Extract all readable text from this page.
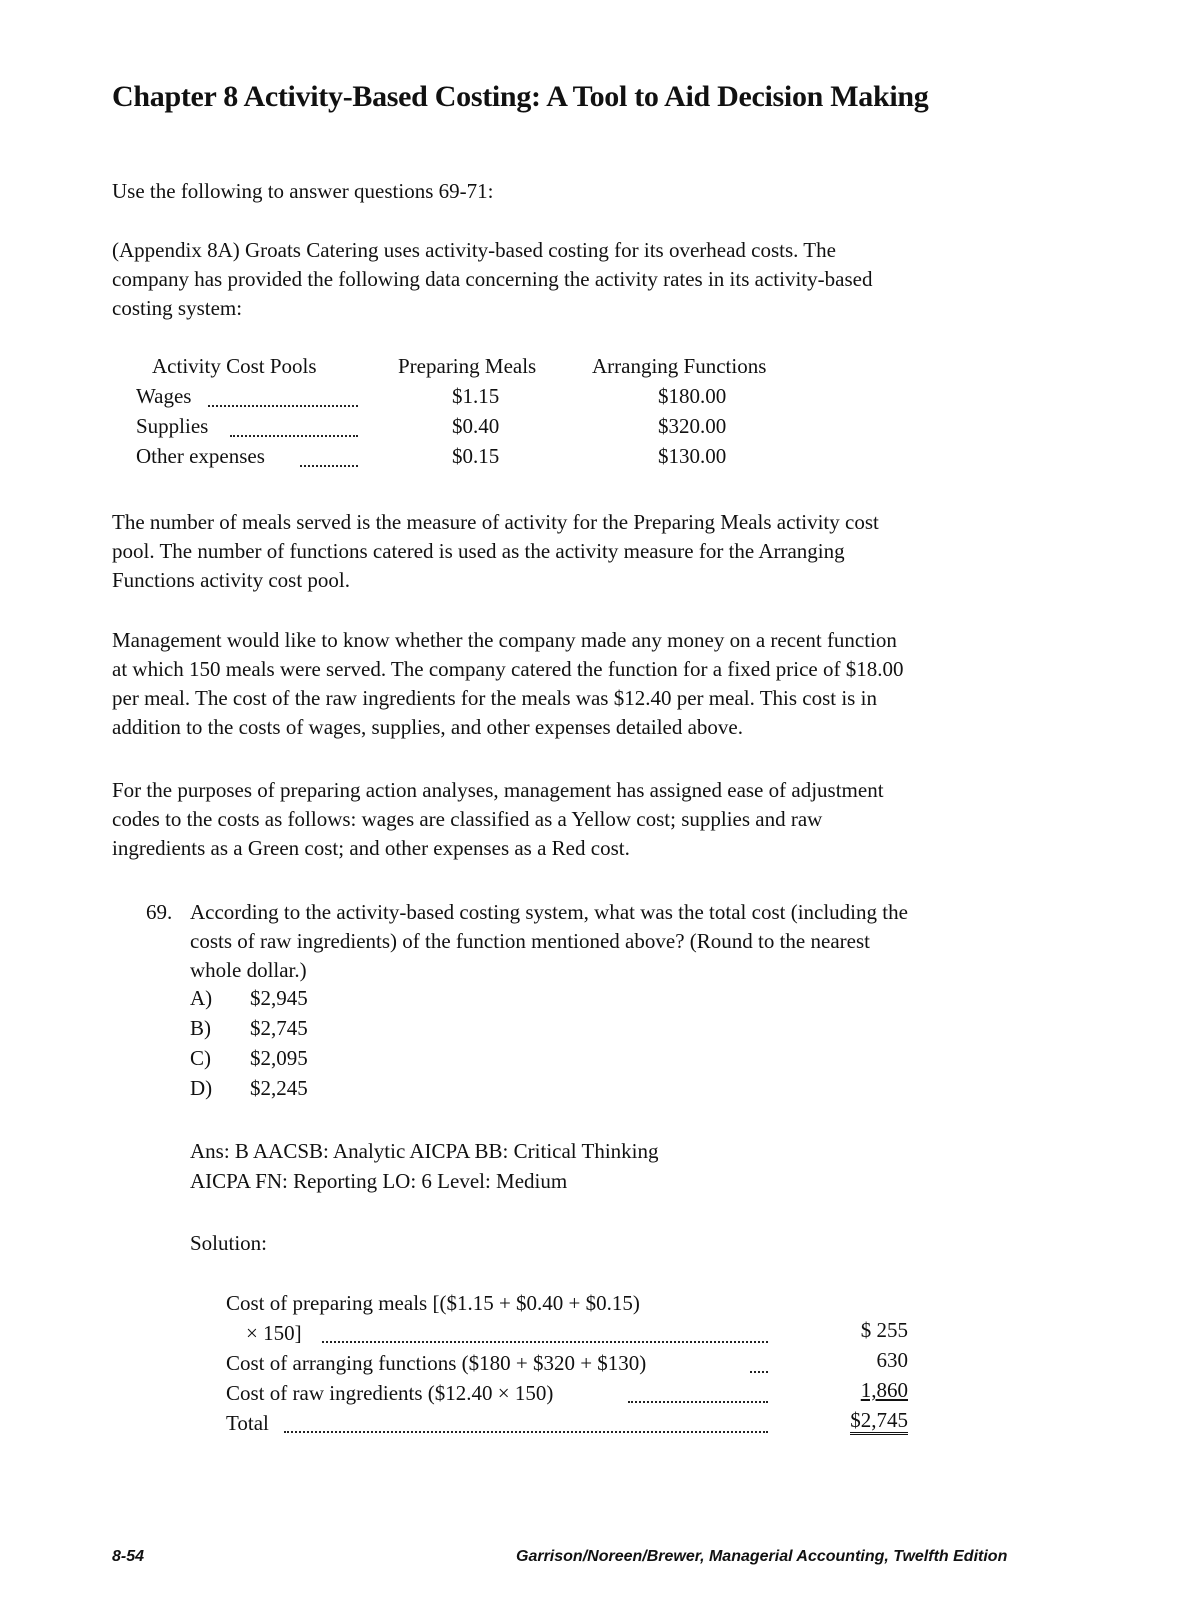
Chapter 8 Activity-Based Costing: A Tool to Aid Decision Making
Use the following to answer questions 69-71:
(Appendix 8A) Groats Catering uses activity-based costing for its overhead costs. The
company has provided the following data concerning the activity rates in its activity-based
costing system:
Activity Cost Pools	Preparing Meals	Arranging Functions
Wages	$1.15	$180.00
Supplies	$0.40	$320.00
Other expenses	$0.15	$130.00
The number of meals served is the measure of activity for the Preparing Meals activity cost
pool. The number of functions catered is used as the activity measure for the Arranging
Functions activity cost pool.
Management would like to know whether the company made any money on a recent function
at which 150 meals were served. The company catered the function for a fixed price of $18.00
per meal. The cost of the raw ingredients for the meals was $12.40 per meal. This cost is in
addition to the costs of wages, supplies, and other expenses detailed above.
For the purposes of preparing action analyses, management has assigned ease of adjustment
codes to the costs as follows: wages are classified as a Yellow cost; supplies and raw
ingredients as a Green cost; and other expenses as a Red cost.
69. According to the activity-based costing system, what was the total cost (including the
costs of raw ingredients) of the function mentioned above? (Round to the nearest
whole dollar.)
A) $2,945
B) $2,745
C) $2,095
D) $2,245
Ans: B AACSB: Analytic AICPA BB: Critical Thinking
AICPA FN: Reporting LO: 6 Level: Medium
Solution:
Cost of preparing meals [($1.15 + $0.40 + $0.15)
× 150]	$ 255
Cost of arranging functions ($180 + $320 + $130)	630
Cost of raw ingredients ($12.40 × 150)	1,860
Total	$2,745
8-54	Garrison/Noreen/Brewer, Managerial Accounting, Twelfth Edition
